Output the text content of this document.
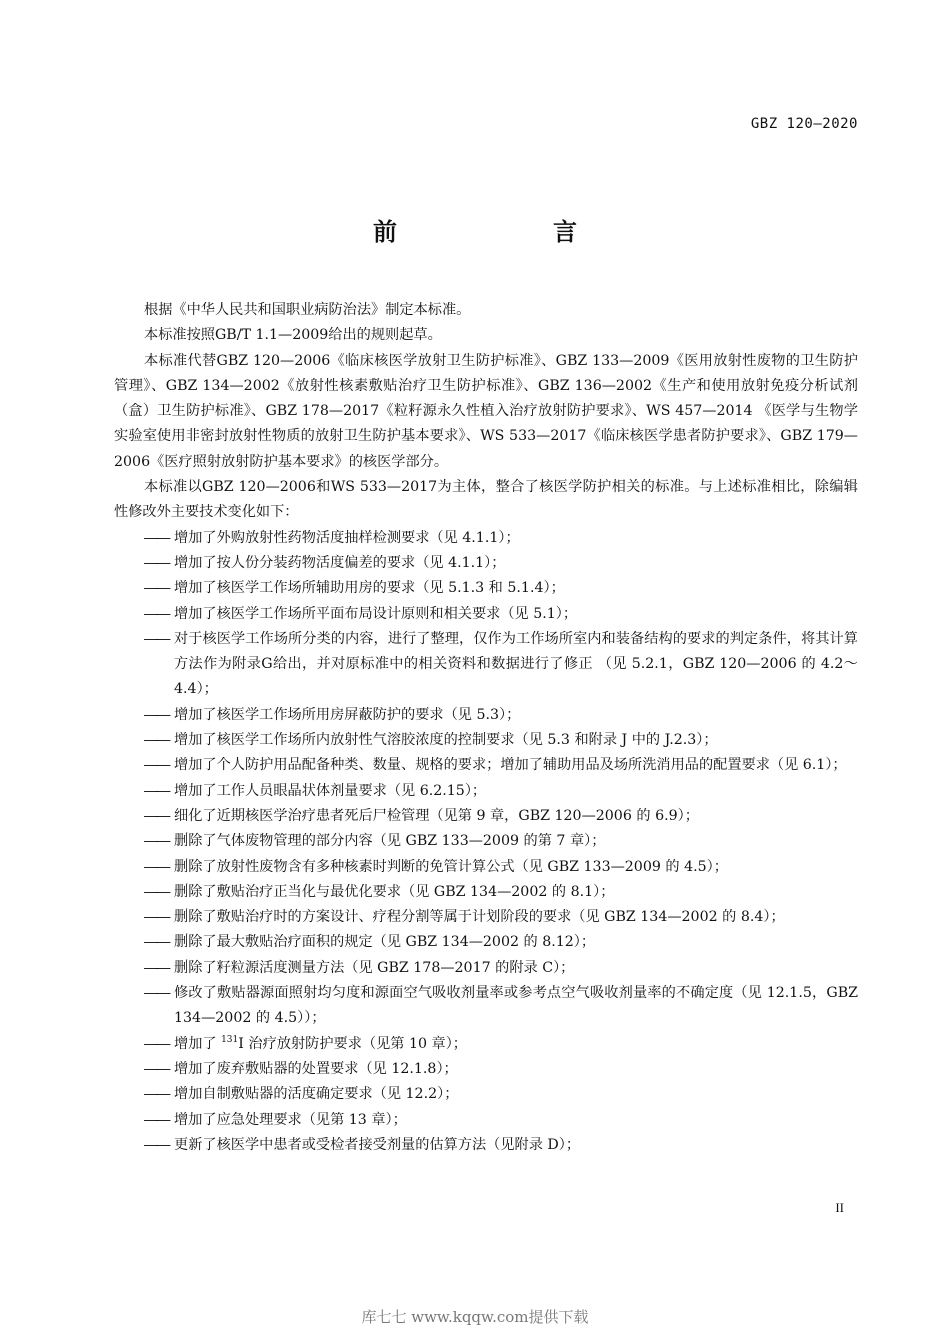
GBZ 120—2020
前　　言

根据《中华人民共和国职业病防治法》制定本标准。

本标准按照GB/T 1.1—2009给出的规则起草。

本标准代替GBZ 120—2006《临床核医学放射卫生防护标准》、GBZ 133—2009《医用放射性废物的卫生防护管理》、GBZ 134—2002《放射性核素敷贴治疗卫生防护标准》、GBZ 136—2002《生产和使用放射免疫分析试剂（盒）卫生防护标准》、GBZ 178—2017《粒籽源永久性植入治疗放射防护要求》、WS 457—2014 《医学与生物学实验室使用非密封放射性物质的放射卫生防护基本要求》、WS 533—2017《临床核医学患者防护要求》、GBZ 179—2006《医疗照射放射防护基本要求》的核医学部分。

本标准以GBZ 120—2006和WS 533—2017为主体，整合了核医学防护相关的标准。与上述标准相比，除编辑性修改外主要技术变化如下：

—— 增加了外购放射性药物活度抽样检测要求（见 4.1.1）；

—— 增加了按人份分装药物活度偏差的要求（见 4.1.1）；

—— 增加了核医学工作场所辅助用房的要求（见 5.1.3 和 5.1.4）；

—— 增加了核医学工作场所平面布局设计原则和相关要求（见 5.1）；

—— 对于核医学工作场所分类的内容，进行了整理，仅作为工作场所室内和装备结构的要求的判定条件，将其计算方法作为附录G给出，并对原标准中的相关资料和数据进行了修正 （见 5.2.1，GBZ 120—2006 的 4.2～4.4）；

—— 增加了核医学工作场所用房屏蔽防护的要求（见 5.3）；

—— 增加了核医学工作场所内放射性气溶胶浓度的控制要求（见 5.3 和附录 J 中的 J.2.3）；

—— 增加了个人防护用品配备种类、数量、规格的要求；增加了辅助用品及场所洗消用品的配置要求（见 6.1）；

—— 增加了工作人员眼晶状体剂量要求（见 6.2.15）；

—— 细化了近期核医学治疗患者死后尸检管理（见第 9 章，GBZ 120—2006 的 6.9）；

—— 删除了气体废物管理的部分内容（见 GBZ 133—2009 的第 7 章）；

—— 删除了放射性废物含有多种核素时判断的免管计算公式（见 GBZ 133—2009 的 4.5）；

—— 删除了敷贴治疗正当化与最优化要求（见 GBZ 134—2002 的 8.1）；

—— 删除了敷贴治疗时的方案设计、疗程分割等属于计划阶段的要求（见 GBZ 134—2002 的 8.4）；

—— 删除了最大敷贴治疗面积的规定（见 GBZ 134—2002 的 8.12）；

—— 删除了籽粒源活度测量方法（见 GBZ 178—2017 的附录 C）；

—— 修改了敷贴器源面照射均匀度和源面空气吸收剂量率或参考点空气吸收剂量率的不确定度（见 12.1.5，GBZ 134—2002 的 4.5））；

—— 增加了 $^{131}$I 治疗放射防护要求（见第 10 章）；

—— 增加了废弃敷贴器的处置要求（见 12.1.8）；

—— 增加自制敷贴器的活度确定要求（见 12.2）；

—— 增加了应急处理要求（见第 13 章）；

—— 更新了核医学中患者或受检者接受剂量的估算方法（见附录 D）；

II
库七七 www.kqqw.com提供下载
